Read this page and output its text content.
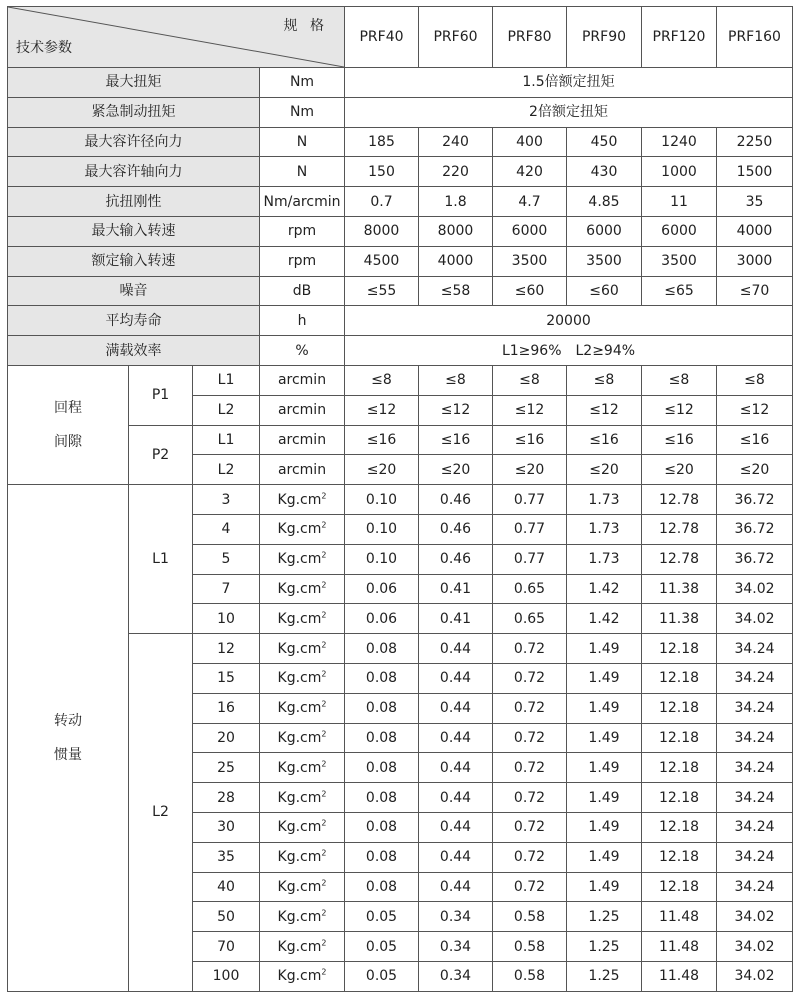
规 格
技术参数				PRF40	PRF60	PRF80	PRF90	PRF120	PRF160
最大扭矩			Nm	1.5倍额定扭矩					
紧急制动扭矩			Nm	2倍额定扭矩					
最大容许径向力			N	185	240	400	450	1240	2250
最大容许轴向力			N	150	220	420	430	1000	1500
抗扭刚性			Nm/arcmin	0.7	1.8	4.7	4.85	11	35
最大输入转速			rpm	8000	8000	6000	6000	6000	4000
额定输入转速			rpm	4500	4000	3500	3500	3500	3000
噪音			dB	≤55	≤58	≤60	≤60	≤65	≤70
平均寿命			h	20000					
满载效率			%	L1≥96%　L2≥94%					

回程
间隙	P1	L1	arcmin	≤8	≤8	≤8	≤8	≤8	≤8
		L2	arcmin	≤12	≤12	≤12	≤12	≤12	≤12
	P2	L1	arcmin	≤16	≤16	≤16	≤16	≤16	≤16
		L2	arcmin	≤20	≤20	≤20	≤20	≤20	≤20

转动
惯量	L1	3	$Kg.cm^2$	0.10	0.46	0.77	1.73	12.78	36.72
		4	$Kg.cm^2$	0.10	0.46	0.77	1.73	12.78	36.72
		5	$Kg.cm^2$	0.10	0.46	0.77	1.73	12.78	36.72
		7	$Kg.cm^2$	0.06	0.41	0.65	1.42	11.38	34.02
		10	$Kg.cm^2$	0.06	0.41	0.65	1.42	11.38	34.02
	L2	12	$Kg.cm^2$	0.08	0.44	0.72	1.49	12.18	34.24
		15	$Kg.cm^2$	0.08	0.44	0.72	1.49	12.18	34.24
		16	$Kg.cm^2$	0.08	0.44	0.72	1.49	12.18	34.24
		20	$Kg.cm^2$	0.08	0.44	0.72	1.49	12.18	34.24
		25	$Kg.cm^2$	0.08	0.44	0.72	1.49	12.18	34.24
		28	$Kg.cm^2$	0.08	0.44	0.72	1.49	12.18	34.24
		30	$Kg.cm^2$	0.08	0.44	0.72	1.49	12.18	34.24
		35	$Kg.cm^2$	0.08	0.44	0.72	1.49	12.18	34.24
		40	$Kg.cm^2$	0.08	0.44	0.72	1.49	12.18	34.24
		50	$Kg.cm^2$	0.05	0.34	0.58	1.25	11.48	34.02
		70	$Kg.cm^2$	0.05	0.34	0.58	1.25	11.48	34.02
		100	$Kg.cm^2$	0.05	0.34	0.58	1.25	11.48	34.02
